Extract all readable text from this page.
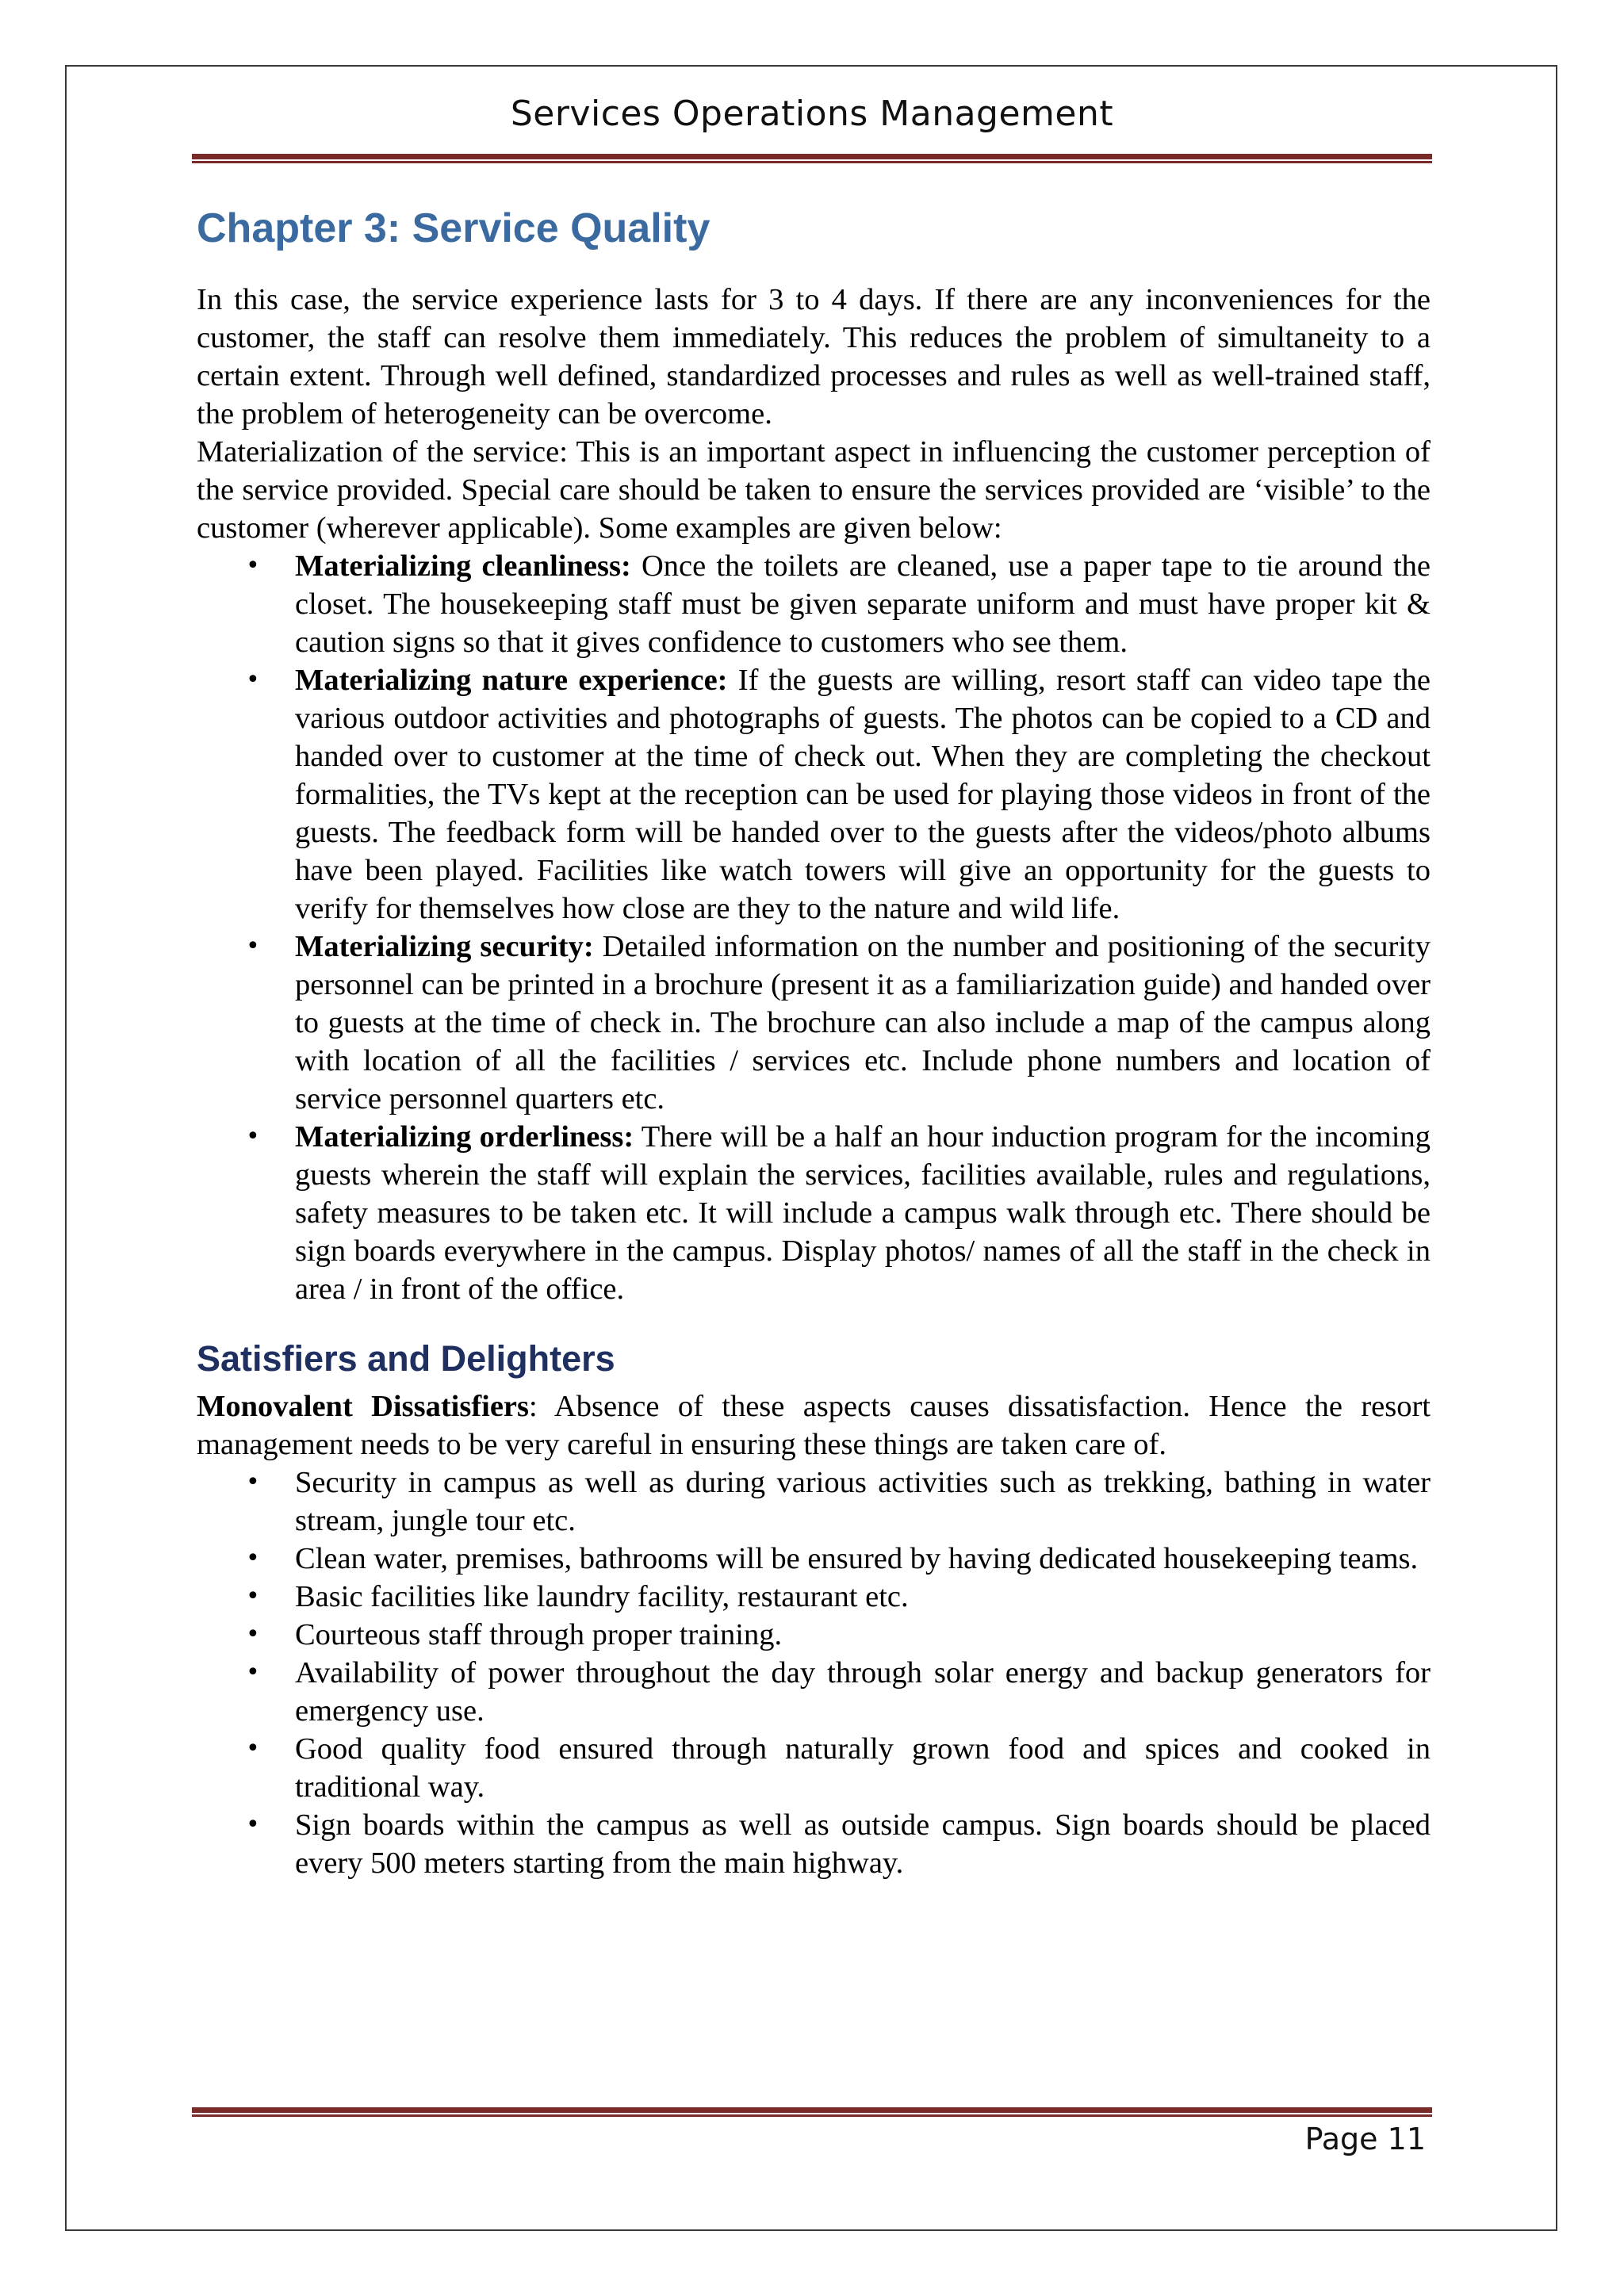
Services Operations Management
Chapter 3: Service Quality

In this case, the service experience lasts for 3 to 4 days. If there are any inconveniences for the customer, the staff can resolve them immediately. This reduces the problem of simultaneity to a certain extent. Through well defined, standardized processes and rules as well as well-trained staff, the problem of heterogeneity can be overcome.

Materialization of the service: This is an important aspect in influencing the customer perception of the service provided. Special care should be taken to ensure the services provided are ‘visible’ to the customer (wherever applicable). Some examples are given below:

• Materializing cleanliness: Once the toilets are cleaned, use a paper tape to tie around the closet. The housekeeping staff must be given separate uniform and must have proper kit & caution signs so that it gives confidence to customers who see them.
• Materializing nature experience: If the guests are willing, resort staff can video tape the various outdoor activities and photographs of guests. The photos can be copied to a CD and handed over to customer at the time of check out. When they are completing the checkout formalities, the TVs kept at the reception can be used for playing those videos in front of the guests. The feedback form will be handed over to the guests after the videos/photo albums have been played. Facilities like watch towers will give an opportunity for the guests to verify for themselves how close are they to the nature and wild life.
• Materializing security: Detailed information on the number and positioning of the security personnel can be printed in a brochure (present it as a familiarization guide) and handed over to guests at the time of check in. The brochure can also include a map of the campus along with location of all the facilities / services etc. Include phone numbers and location of service personnel quarters etc.
• Materializing orderliness: There will be a half an hour induction program for the incoming guests wherein the staff will explain the services, facilities available, rules and regulations, safety measures to be taken etc. It will include a campus walk through etc. There should be sign boards everywhere in the campus. Display photos/ names of all the staff in the check in area / in front of the office.
Satisfiers and Delighters

Monovalent Dissatisfiers: Absence of these aspects causes dissatisfaction. Hence the resort management needs to be very careful in ensuring these things are taken care of.

• Security in campus as well as during various activities such as trekking, bathing in water stream, jungle tour etc.
• Clean water, premises, bathrooms will be ensured by having dedicated housekeeping teams.
• Basic facilities like laundry facility, restaurant etc.
• Courteous staff through proper training.
• Availability of power throughout the day through solar energy and backup generators for emergency use.
• Good quality food ensured through naturally grown food and spices and cooked in traditional way.
• Sign boards within the campus as well as outside campus. Sign boards should be placed every 500 meters starting from the main highway.
Page 11
